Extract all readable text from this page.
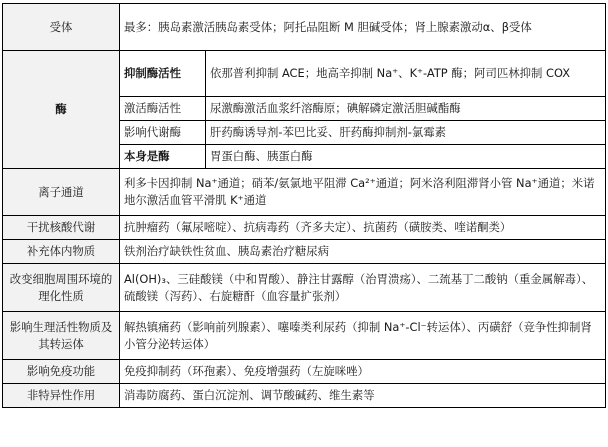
受体	最多：胰岛素激活胰岛素受体；阿托品阻断 M 胆碱受体；肾上腺素激动α、β受体	
酶	抑制酶活性	依那普利抑制 ACE；地高辛抑制 Na⁺、K⁺-ATP 酶；阿司匹林抑制 COX
	激活酶活性	尿激酶激活血浆纤溶酶原；碘解磷定激活胆碱酯酶
	影响代谢酶	肝药酶诱导剂-苯巴比妥、肝药酶抑制剂-氯霉素
	本身是酶	胃蛋白酶、胰蛋白酶
离子通道	利多卡因抑制 Na⁺通道；硝苯/氨氯地平阻滞 Ca²⁺通道；阿米洛利阻滞肾小管 Na⁺通道；米诺地尔激活血管平滑肌 K⁺通道	
干扰核酸代谢	抗肿瘤药（氟尿嘧啶）、抗病毒药（齐多夫定）、抗菌药（磺胺类、喹诺酮类）	
补充体内物质	铁剂治疗缺铁性贫血、胰岛素治疗糖尿病	
改变细胞周围环境的理化性质	Al(OH)₃、三硅酸镁（中和胃酸）、静注甘露醇（治胃溃疡）、二巯基丁二酸钠（重金属解毒）、硫酸镁（泻药）、右旋糖酐（血容量扩张剂）	
影响生理活性物质及其转运体	解热镇痛药（影响前列腺素）、噻嗪类利尿药（抑制 Na⁺-Cl⁻转运体）、丙磺舒（竞争性抑制肾小管分泌转运体）	
影响免疫功能	免疫抑制药（环孢素）、免疫增强药（左旋咪唑）	
非特异性作用	消毒防腐药、蛋白沉淀剂、调节酸碱药、维生素等	
